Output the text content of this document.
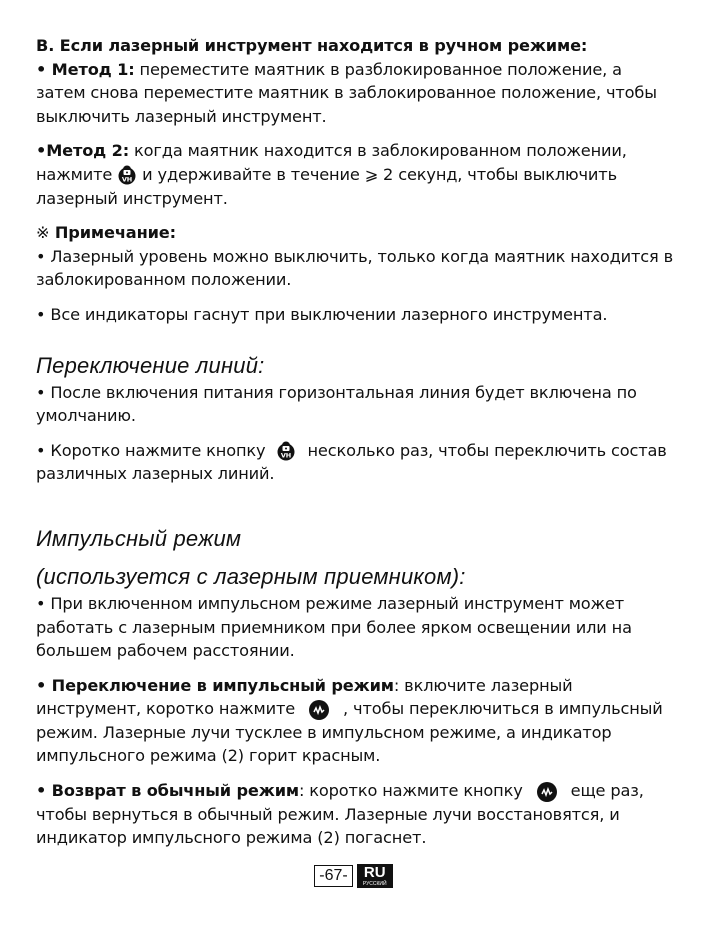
B. Если лазерный инструмент находится в ручном режиме:

• Метод 1: переместите маятник в разблокированное положение, а затем снова переместите маятник в заблокированное положение, чтобы выключить лазерный инструмент.

•Метод 2: когда маятник находится в заблокированном положении, нажмите VH и удерживайте в течение ⩾ 2 секунд, чтобы выключить лазерный инструмент.

※ Примечание:

• Лазерный уровень можно выключить, только когда маятник находится в заблокированном положении.

• Все индикаторы гаснут при выключении лазерного инструмента.

Переключение линий:

• После включения питания горизонтальная линия будет включена по умолчанию.

• Коротко нажмите кнопку VH несколько раз, чтобы переключить состав различных лазерных линий.

Импульсный режим

(используется с лазерным приемником):

• При включенном импульсном режиме лазерный инструмент может работать с лазерным приемником при более ярком освещении или на большем рабочем расстоянии.

• Переключение в импульсный режим: включите лазерный инструмент, коротко нажмите
, чтобы переключиться в импульсный режим. Лазерные лучи тусклее в импульсном режиме, а индикатор импульсного режима (2) горит красным.

• Возврат в обычный режим: коротко нажмите кнопку
еще раз, чтобы вернуться в обычный режим. Лазерные лучи восстановятся, и индикатор импульсного режима (2) погаснет.

-67-	RU
РУССКИЙ
